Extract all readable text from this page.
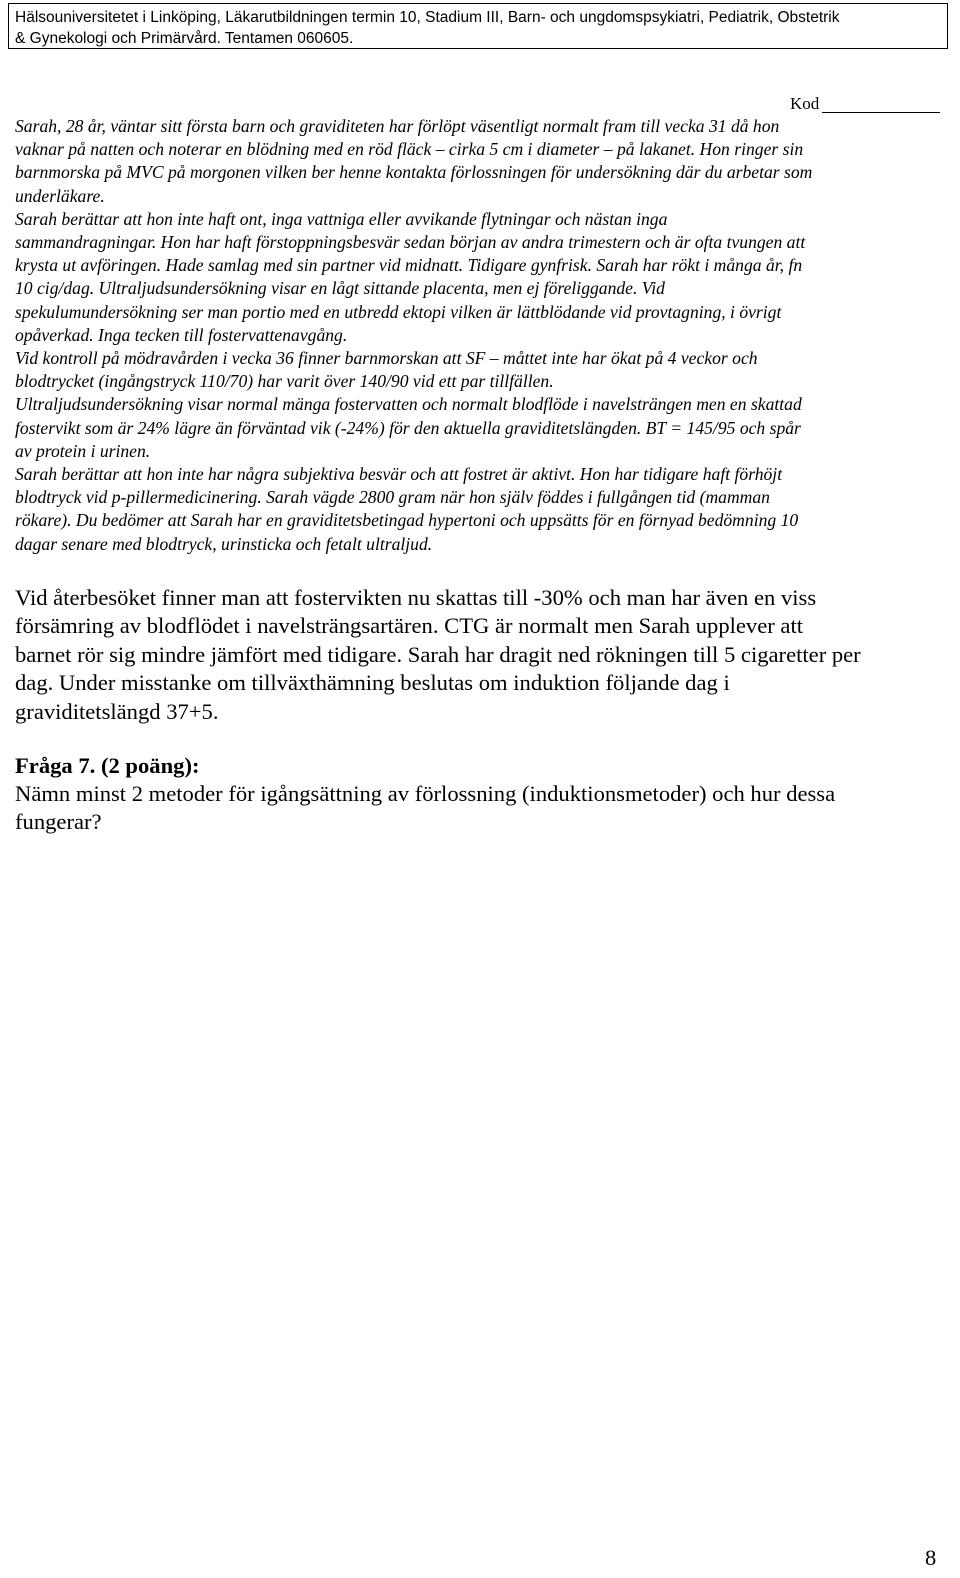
Hälsouniversitetet i Linköping, Läkarutbildningen termin 10, Stadium III, Barn- och ungdomspsykiatri, Pediatrik, Obstetrik
& Gynekologi och Primärvård. Tentamen 060605.
Kod
Sarah, 28 år, väntar sitt första barn och graviditeten har förlöpt väsentligt normalt fram till vecka 31 då hon
vaknar på natten och noterar en blödning med en röd fläck – cirka 5 cm i diameter – på lakanet. Hon ringer sin
barnmorska på MVC på morgonen vilken ber henne kontakta förlossningen för undersökning där du arbetar som
underläkare.
Sarah berättar att hon inte haft ont, inga vattniga eller avvikande flytningar och nästan inga
sammandragningar. Hon har haft förstoppningsbesvär sedan början av andra trimestern och är ofta tvungen att
krysta ut avföringen. Hade samlag med sin partner vid midnatt. Tidigare gynfrisk. Sarah har rökt i många år, fn
10 cig/dag. Ultraljudsundersökning visar en lågt sittande placenta, men ej föreliggande. Vid
spekulumundersökning ser man portio med en utbredd ektopi vilken är lättblödande vid provtagning, i övrigt
opåverkad. Inga tecken till fostervattenavgång.
Vid kontroll på mödravården i vecka 36 finner barnmorskan att SF – måttet inte har ökat på 4 veckor och
blodtrycket (ingångstryck 110/70) har varit över 140/90 vid ett par tillfällen.
Ultraljudsundersökning visar normal mänga fostervatten och normalt blodflöde i navelsträngen men en skattad
fostervikt som är 24% lägre än förväntad vik (-24%) för den aktuella graviditetslängden. BT = 145/95 och spår
av protein i urinen.
Sarah berättar att hon inte har några subjektiva besvär och att fostret är aktivt. Hon har tidigare haft förhöjt
blodtryck vid p-pillermedicinering. Sarah vägde 2800 gram när hon själv föddes i fullgången tid (mamman
rökare). Du bedömer att Sarah har en graviditetsbetingad hypertoni och uppsätts för en förnyad bedömning 10
dagar senare med blodtryck, urinsticka och fetalt ultraljud.
Vid återbesöket finner man att fostervikten nu skattas till -30% och man har även en viss
försämring av blodflödet i navelsträngsartären. CTG är normalt men Sarah upplever att
barnet rör sig mindre jämfört med tidigare. Sarah har dragit ned rökningen till 5 cigaretter per
dag. Under misstanke om tillväxthämning beslutas om induktion följande dag i
graviditetslängd 37+5.
Fråga 7. (2 poäng):
Nämn minst 2 metoder för igångsättning av förlossning (induktionsmetoder) och hur dessa
fungerar?
8
